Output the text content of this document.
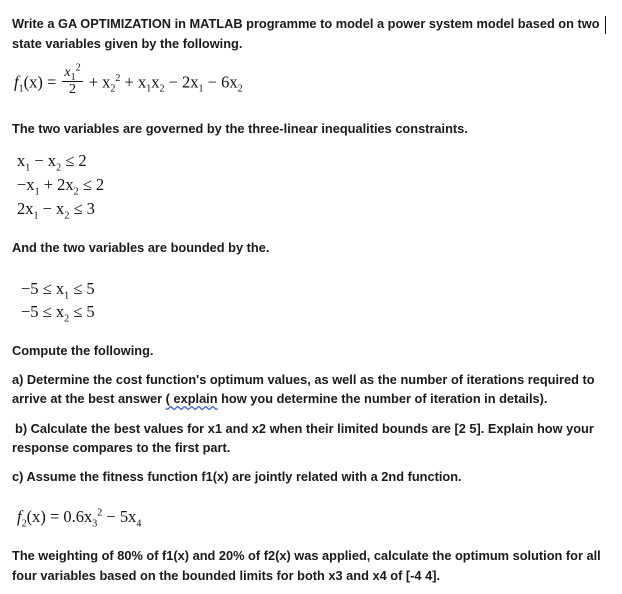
Write a GA OPTIMIZATION in MATLAB programme to model a power system model based on two
state variables given by the following.
$f_1(x) = \frac{x_1^2}{2} + x_2^2 + x_1x_2 - 2x_1 - 6x_2$
The two variables are governed by the three-linear inequalities constraints.
$x_1 - x_2 \le 2$
$-x_1 + 2x_2 \le 2$
$2x_1 - x_2 \le 3$
And the two variables are bounded by the.
$-5 \le x_1 \le 5$
$-5 \le x_2 \le 5$
Compute the following.
a) Determine the cost function's optimum values, as well as the number of iterations required to
arrive at the best answer ( explain how you determine the number of iteration in details).
b) Calculate the best values for x1 and x2 when their limited bounds are [2 5]. Explain how your
response compares to the first part.
c) Assume the fitness function f1(x) are jointly related with a 2nd function.
$f_2(x) = 0.6x_3^2 - 5x_4$
The weighting of 80% of f1(x) and 20% of f2(x) was applied, calculate the optimum solution for all
four variables based on the bounded limits for both x3 and x4 of [-4 4].
